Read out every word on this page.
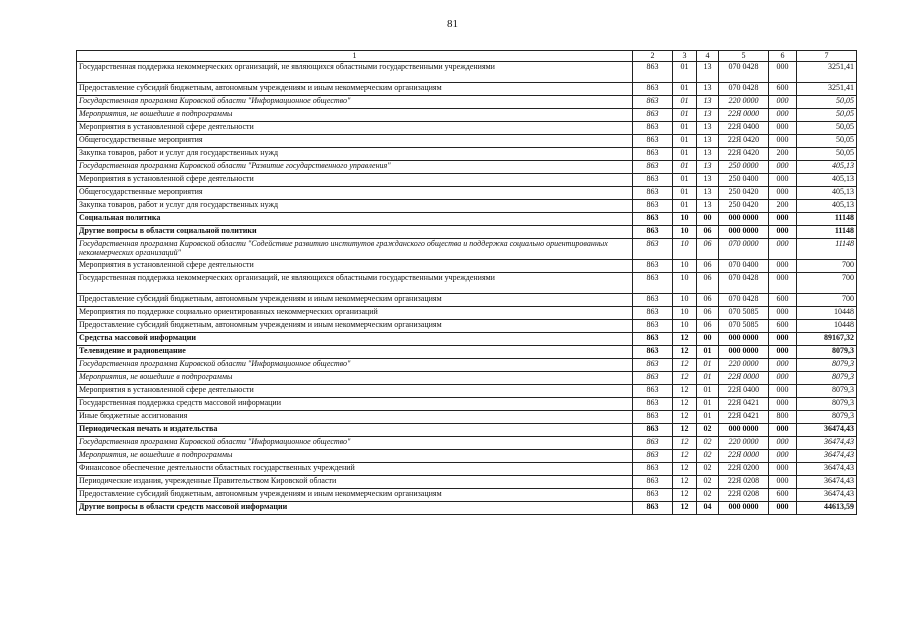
81
1	2	3	4	5	6	7
Государственная поддержка некоммерческих организаций, не являющихся областными государственными учреждениями	863	01	13	070 0428	000	3251,41
Предоставление субсидий бюджетным, автономным учреждениям и иным некоммерческим организациям	863	01	13	070 0428	600	3251,41
Государственная программа Кировской области "Информационное общество"	863	01	13	220 0000	000	50,05
Мероприятия, не вошедшие в подпрограммы	863	01	13	22Я 0000	000	50,05
Мероприятия в установленной сфере деятельности	863	01	13	22Я 0400	000	50,05
Общегосударственные мероприятия	863	01	13	22Я 0420	000	50,05
Закупка товаров, работ и услуг для государственных нужд	863	01	13	22Я 0420	200	50,05
Государственная программа Кировской области "Развитие государственного управления"	863	01	13	250 0000	000	405,13
Мероприятия в установленной сфере деятельности	863	01	13	250 0400	000	405,13
Общегосударственные мероприятия	863	01	13	250 0420	000	405,13
Закупка товаров, работ и услуг для государственных нужд	863	01	13	250 0420	200	405,13
Социальная политика	863	10	00	000 0000	000	11148
Другие вопросы в области социальной политики	863	10	06	000 0000	000	11148
Государственная программа Кировской области "Содействие развитию институтов гражданского общества и поддержка социально ориентированных некоммерческих организаций"	863	10	06	070 0000	000	11148
Мероприятия в установленной сфере деятельности	863	10	06	070 0400	000	700
Государственная поддержка некоммерческих организаций, не являющихся областными государственными учреждениями	863	10	06	070 0428	000	700
Предоставление субсидий бюджетным, автономным учреждениям и иным некоммерческим организациям	863	10	06	070 0428	600	700
Мероприятия по поддержке социально ориентированных некоммерческих организаций	863	10	06	070 5085	000	10448
Предоставление субсидий бюджетным, автономным учреждениям и иным некоммерческим организациям	863	10	06	070 5085	600	10448
Средства массовой информации	863	12	00	000 0000	000	89167,32
Телевидение и радиовещание	863	12	01	000 0000	000	8079,3
Государственная программа Кировской области "Информационное общество"	863	12	01	220 0000	000	8079,3
Мероприятия, не вошедшие в подпрограммы	863	12	01	22Я 0000	000	8079,3
Мероприятия в установленной сфере деятельности	863	12	01	22Я 0400	000	8079,3
Государственная поддержка средств массовой информации	863	12	01	22Я 0421	000	8079,3
Иные бюджетные ассигнования	863	12	01	22Я 0421	800	8079,3
Периодическая печать и издательства	863	12	02	000 0000	000	36474,43
Государственная программа Кировской области "Информационное общество"	863	12	02	220 0000	000	36474,43
Мероприятия, не вошедшие в подпрограммы	863	12	02	22Я 0000	000	36474,43
Финансовое обеспечение деятельности областных государственных учреждений	863	12	02	22Я 0200	000	36474,43
Периодические издания, учрежденные Правительством Кировской области	863	12	02	22Я 0208	000	36474,43
Предоставление субсидий бюджетным, автономным учреждениям и иным некоммерческим организациям	863	12	02	22Я 0208	600	36474,43
Другие вопросы в области средств массовой информации	863	12	04	000 0000	000	44613,59
